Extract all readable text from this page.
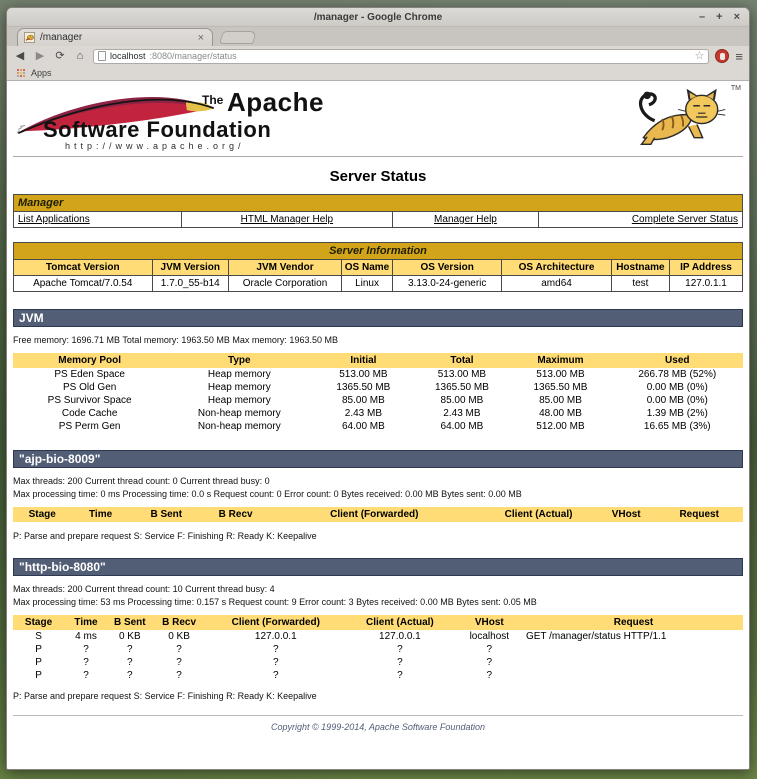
/manager - Google Chrome	– + ×
/manager	×
◀ ▶ ⟳	⌂	localhost :8080/manager/status	☆ ≡
Apps
The Apache
Software Foundation
http://www.apache.org/
TM
Server Status
Manager
List Applications	HTML Manager Help	Manager Help	Complete Server Status
Server Information							
Tomcat Version	JVM Version	JVM Vendor	OS Name	OS Version	OS Architecture	Hostname	IP Address
Apache Tomcat/7.0.54	1.7.0_55-b14	Oracle Corporation	Linux	3.13.0-24-generic	amd64	test	127.0.1.1
JVM
Free memory: 1696.71 MB Total memory: 1963.50 MB Max memory: 1963.50 MB
Memory Pool	Type	Initial	Total	Maximum	Used
PS Eden Space	Heap memory	513.00 MB	513.00 MB	513.00 MB	266.78 MB (52%)
PS Old Gen	Heap memory	1365.50 MB	1365.50 MB	1365.50 MB	0.00 MB (0%)
PS Survivor Space	Heap memory	85.00 MB	85.00 MB	85.00 MB	0.00 MB (0%)
Code Cache	Non-heap memory	2.43 MB	2.43 MB	48.00 MB	1.39 MB (2%)
PS Perm Gen	Non-heap memory	64.00 MB	64.00 MB	512.00 MB	16.65 MB (3%)
"ajp-bio-8009"
Max threads: 200 Current thread count: 0 Current thread busy: 0
Max processing time: 0 ms Processing time: 0.0 s Request count: 0 Error count: 0 Bytes received: 0.00 MB Bytes sent: 0.00 MB
Stage	Time	B Sent	B Recv	Client (Forwarded)	Client (Actual)	VHost	Request
P: Parse and prepare request S: Service F: Finishing R: Ready K: Keepalive
"http-bio-8080"
Max threads: 200 Current thread count: 10 Current thread busy: 4
Max processing time: 53 ms Processing time: 0.157 s Request count: 9 Error count: 3 Bytes received: 0.00 MB Bytes sent: 0.05 MB
Stage	Time	B Sent	B Recv	Client (Forwarded)	Client (Actual)	VHost	Request
S	4 ms	0 KB	0 KB	127.0.0.1	127.0.0.1	localhost	GET /manager/status HTTP/1.1
P	?	?	?	?	?	?	
P	?	?	?	?	?	?	
P	?	?	?	?	?	?	
P: Parse and prepare request S: Service F: Finishing R: Ready K: Keepalive
Copyright © 1999-2014, Apache Software Foundation
